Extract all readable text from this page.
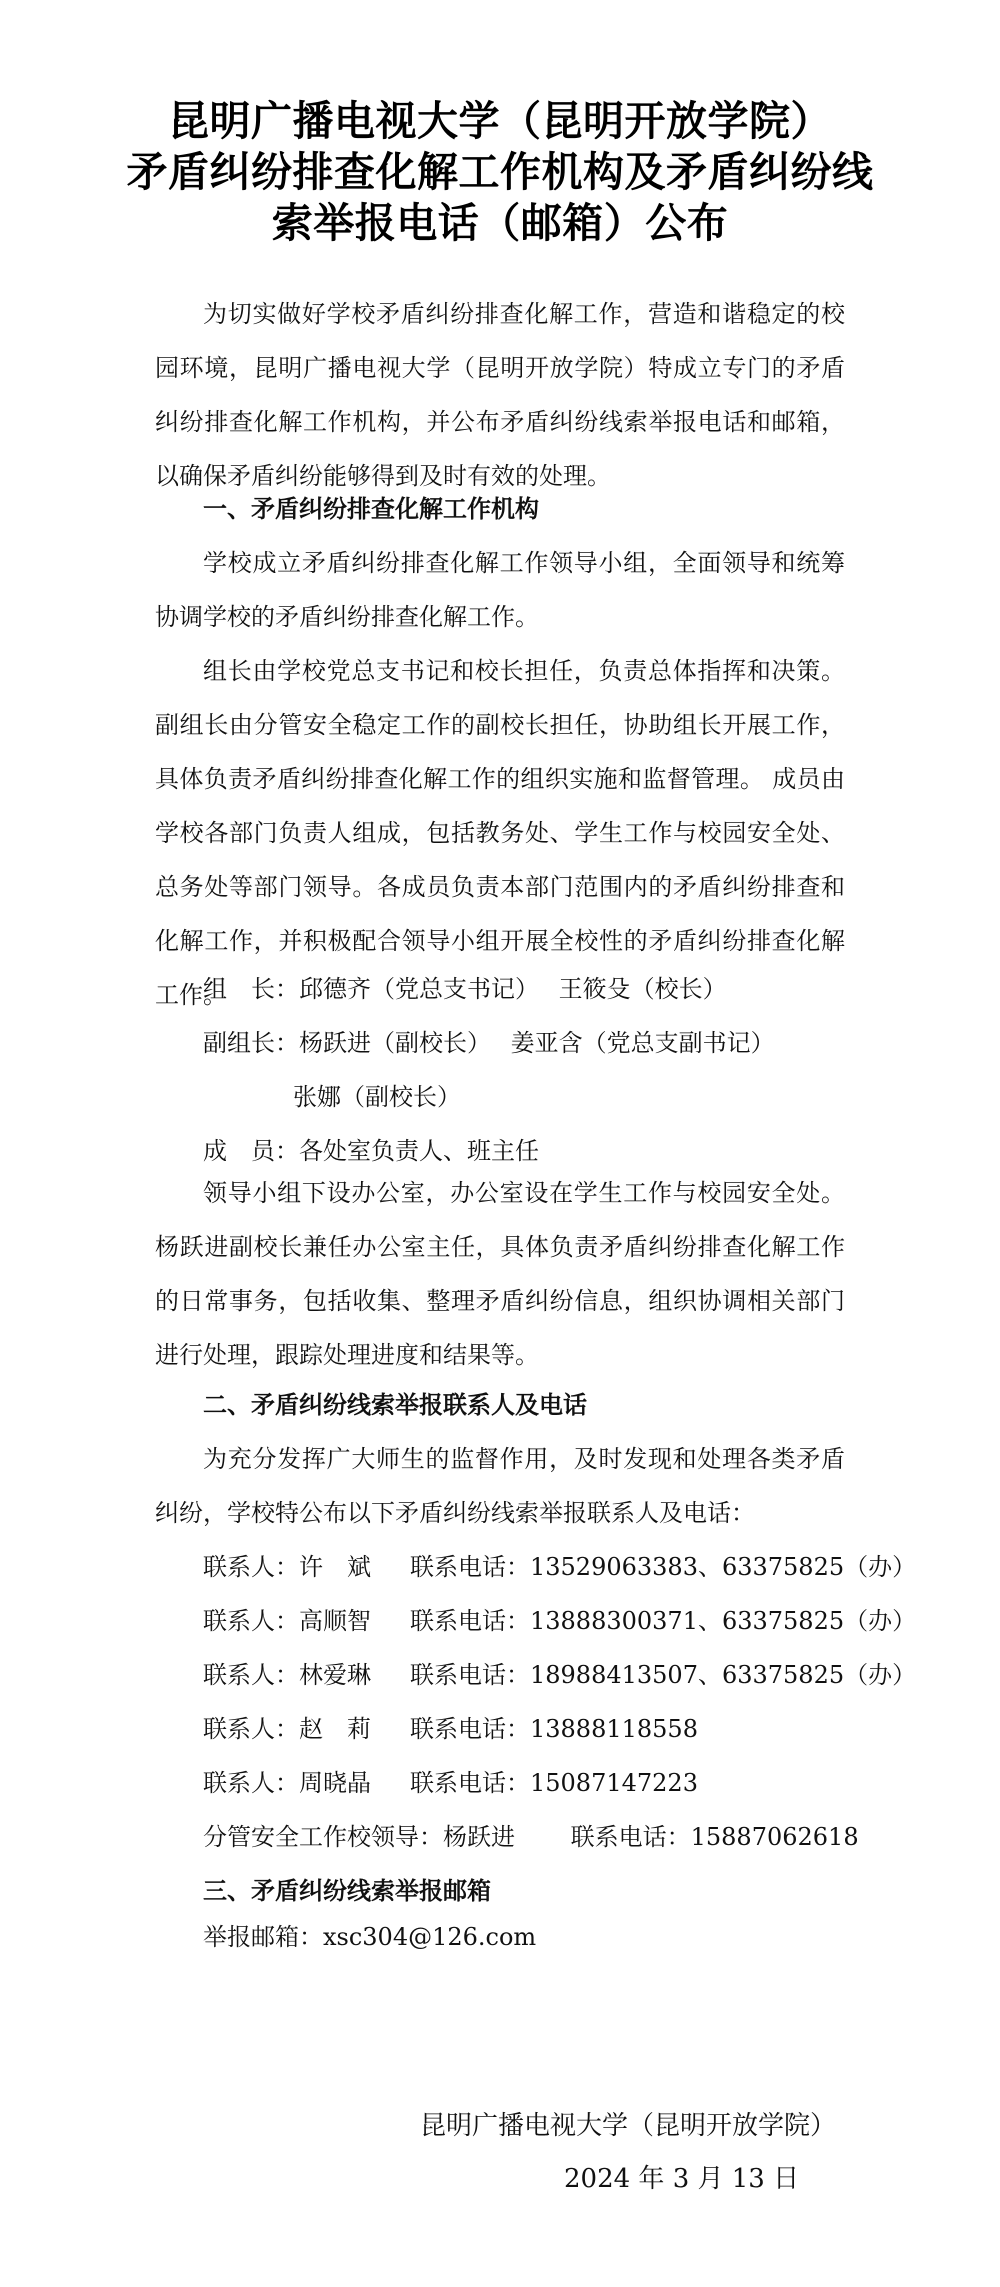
昆明广播电视大学（昆明开放学院）
矛盾纠纷排查化解工作机构及矛盾纠纷线
索举报电话（邮箱）公布

为切实做好学校矛盾纠纷排查化解工作，营造和谐稳定的校园环境，昆明广播电视大学（昆明开放学院）特成立专门的矛盾纠纷排查化解工作机构，并公布矛盾纠纷线索举报电话和邮箱，以确保矛盾纠纷能够得到及时有效的处理。

一、矛盾纠纷排查化解工作机构

学校成立矛盾纠纷排查化解工作领导小组，全面领导和统筹协调学校的矛盾纠纷排查化解工作。

组长由学校党总支书记和校长担任，负责总体指挥和决策。副组长由分管安全稳定工作的副校长担任，协助组长开展工作，具体负责矛盾纠纷排查化解工作的组织实施和监督管理。 成员由学校各部门负责人组成，包括教务处、学生工作与校园安全处、总务处等部门领导。各成员负责本部门范围内的矛盾纠纷排查和化解工作，并积极配合领导小组开展全校性的矛盾纠纷排查化解工作。

组　长：邱德齐（党总支书记）　 王筱殳（校长）
副组长：杨跃进（副校长）　 姜亚含（党总支副书记）
张娜（副校长）
成　员：各处室负责人、班主任

领导小组下设办公室，办公室设在学生工作与校园安全处。杨跃进副校长兼任办公室主任，具体负责矛盾纠纷排查化解工作的日常事务，包括收集、整理矛盾纠纷信息，组织协调相关部门进行处理，跟踪处理进度和结果等。

二、矛盾纠纷线索举报联系人及电话

为充分发挥广大师生的监督作用，及时发现和处理各类矛盾纠纷，学校特公布以下矛盾纠纷线索举报联系人及电话：

联系人：许　斌 联系电话：13529063383、63375825（办）
联系人：高顺智 联系电话：13888300371、63375825（办）
联系人：林爱琳 联系电话：18988413507、63375825（办）
联系人：赵　莉 联系电话：13888118558
联系人：周晓晶 联系电话：15087147223
分管安全工作校领导：杨跃进　　 联系电话：15887062618
三、矛盾纠纷线索举报邮箱
举报邮箱：xsc304@126.com
昆明广播电视大学（昆明开放学院）
2024 年 3 月 13 日
